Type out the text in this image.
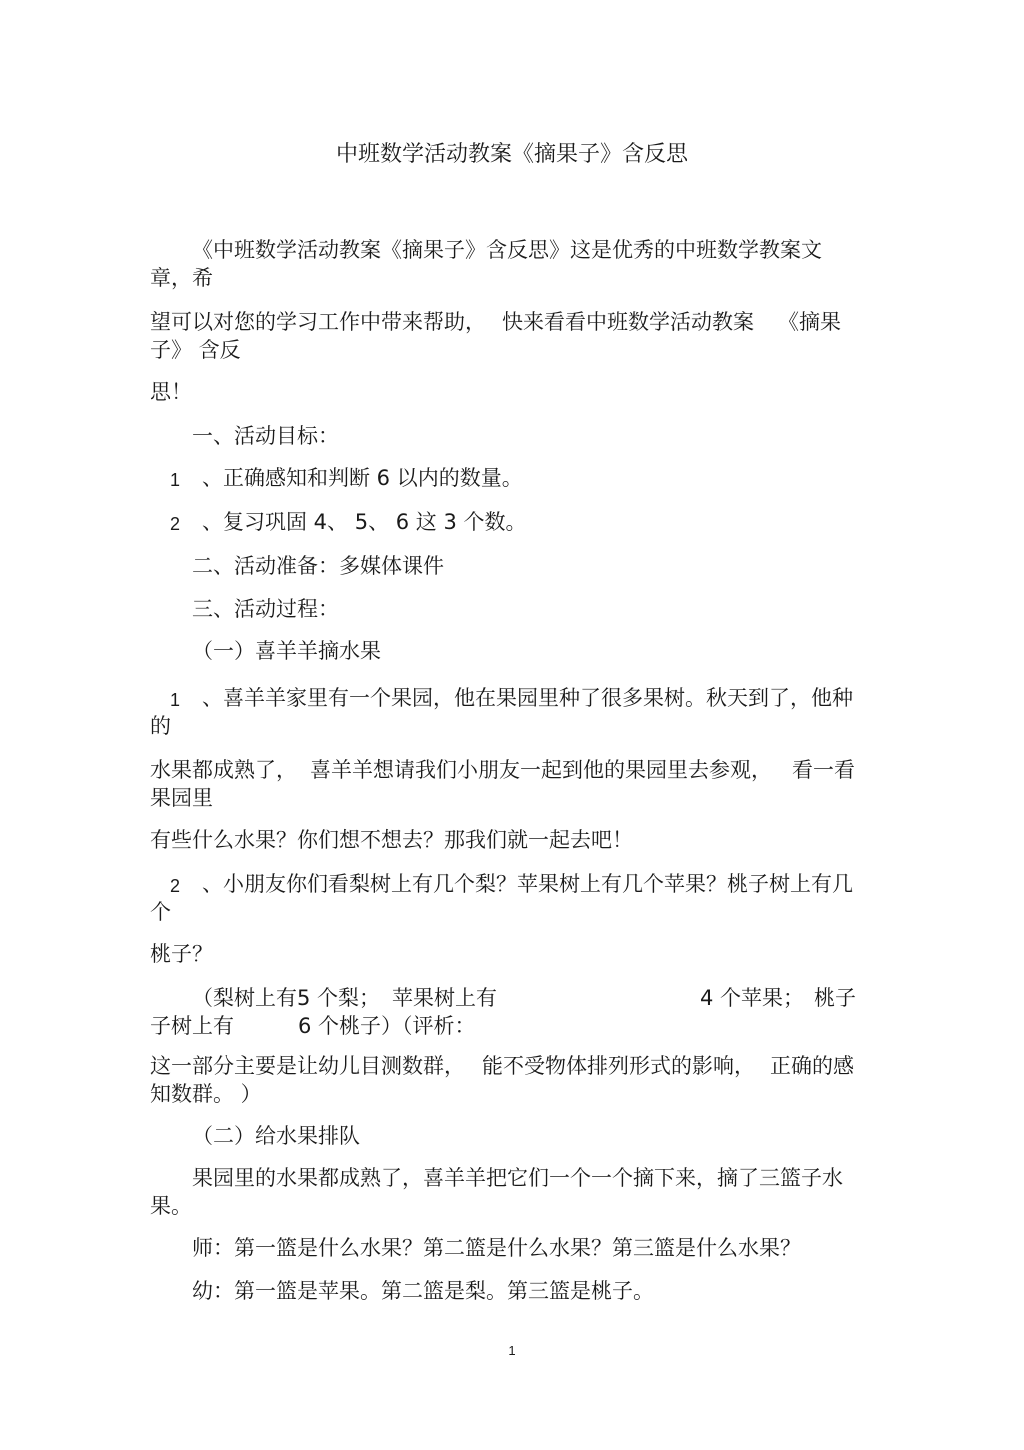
中班数学活动教案《摘果子》含反思
《中班数学活动教案《摘果子》含反思》这是优秀的中班数学教案文
章，希
望可以对您的学习工作中带来帮助， 快来看看中班数学活动教案 《摘果
子》 含反
思！
一、活动目标：
1 、正确感知和判断 6 以内的数量。
2 、复习巩固 4、 5、 6 这 3 个数。
二、活动准备：多媒体课件
三、活动过程：
（一）喜羊羊摘水果
1 、喜羊羊家里有一个果园，他在果园里种了很多果树。秋天到了，他种
的
水果都成熟了， 喜羊羊想请我们小朋友一起到他的果园里去参观， 看一看
果园里
有些什么水果？你们想不想去？那我们就一起去吧！
2 、小朋友你们看梨树上有几个梨？苹果树上有几个苹果？桃子树上有几
个
桃子？
（梨树上有5 个梨； 苹果树上有	4 个苹果； 桃子
子树上有	6 个桃子）（评析：
这一部分主要是让幼儿目测数群， 能不受物体排列形式的影响， 正确的感
知数群。 ）
（二）给水果排队
果园里的水果都成熟了，喜羊羊把它们一个一个摘下来，摘了三篮子水
果。
师：第一篮是什么水果？第二篮是什么水果？第三篮是什么水果？
幼：第一篮是苹果。第二篮是梨。第三篮是桃子。
1
